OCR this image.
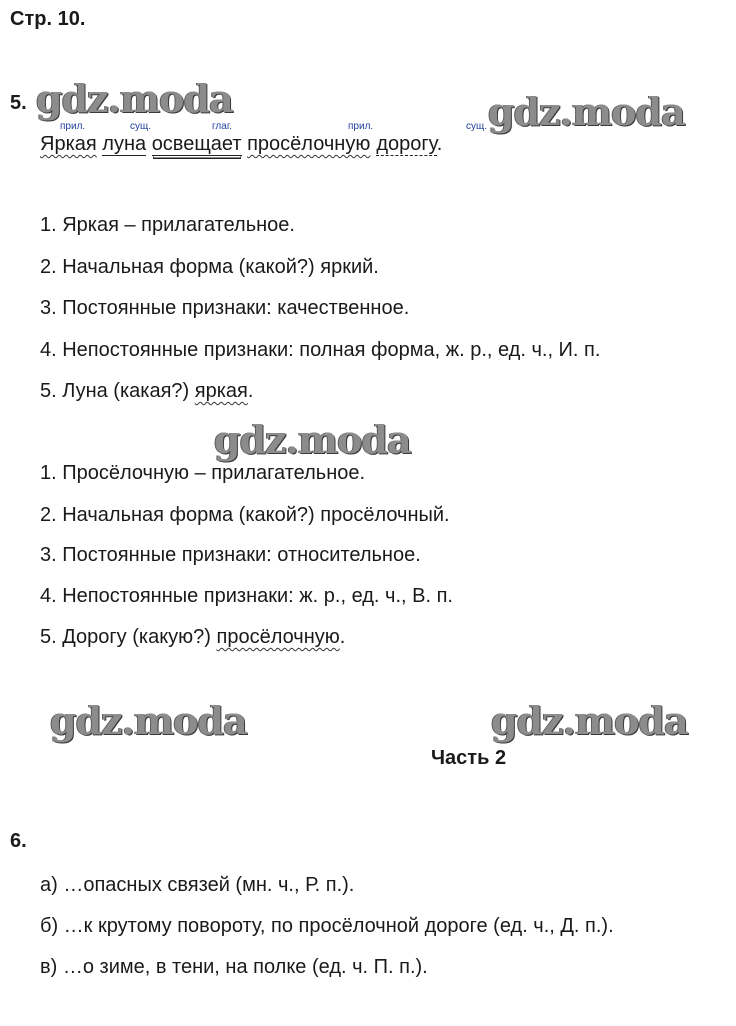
Стр. 10.
5.
прил.	сущ.	глаг.	прил.	сущ.
Яркая луна освещает просёлочную дорогу.
1. Яркая – прилагательное.
2. Начальная форма (какой?) яркий.
3. Постоянные признаки: качественное.
4. Непостоянные признаки: полная форма, ж. р., ед. ч., И. п.
5. Луна (какая?) яркая.
1. Просёлочную – прилагательное.
2. Начальная форма (какой?) просёлочный.
3. Постоянные признаки: относительное.
4. Непостоянные признаки: ж. р., ед. ч., В. п.
5. Дорогу (какую?) просёлочную.
Часть 2
6.
а) …опасных связей (мн. ч., Р. п.).
б) …к крутому повороту, по просёлочной дороге (ед. ч., Д. п.).
в) …о зиме, в тени, на полке (ед. ч. П. п.).
gdz.moda	gdz.moda
gdz.moda
gdz.moda	gdz.moda
